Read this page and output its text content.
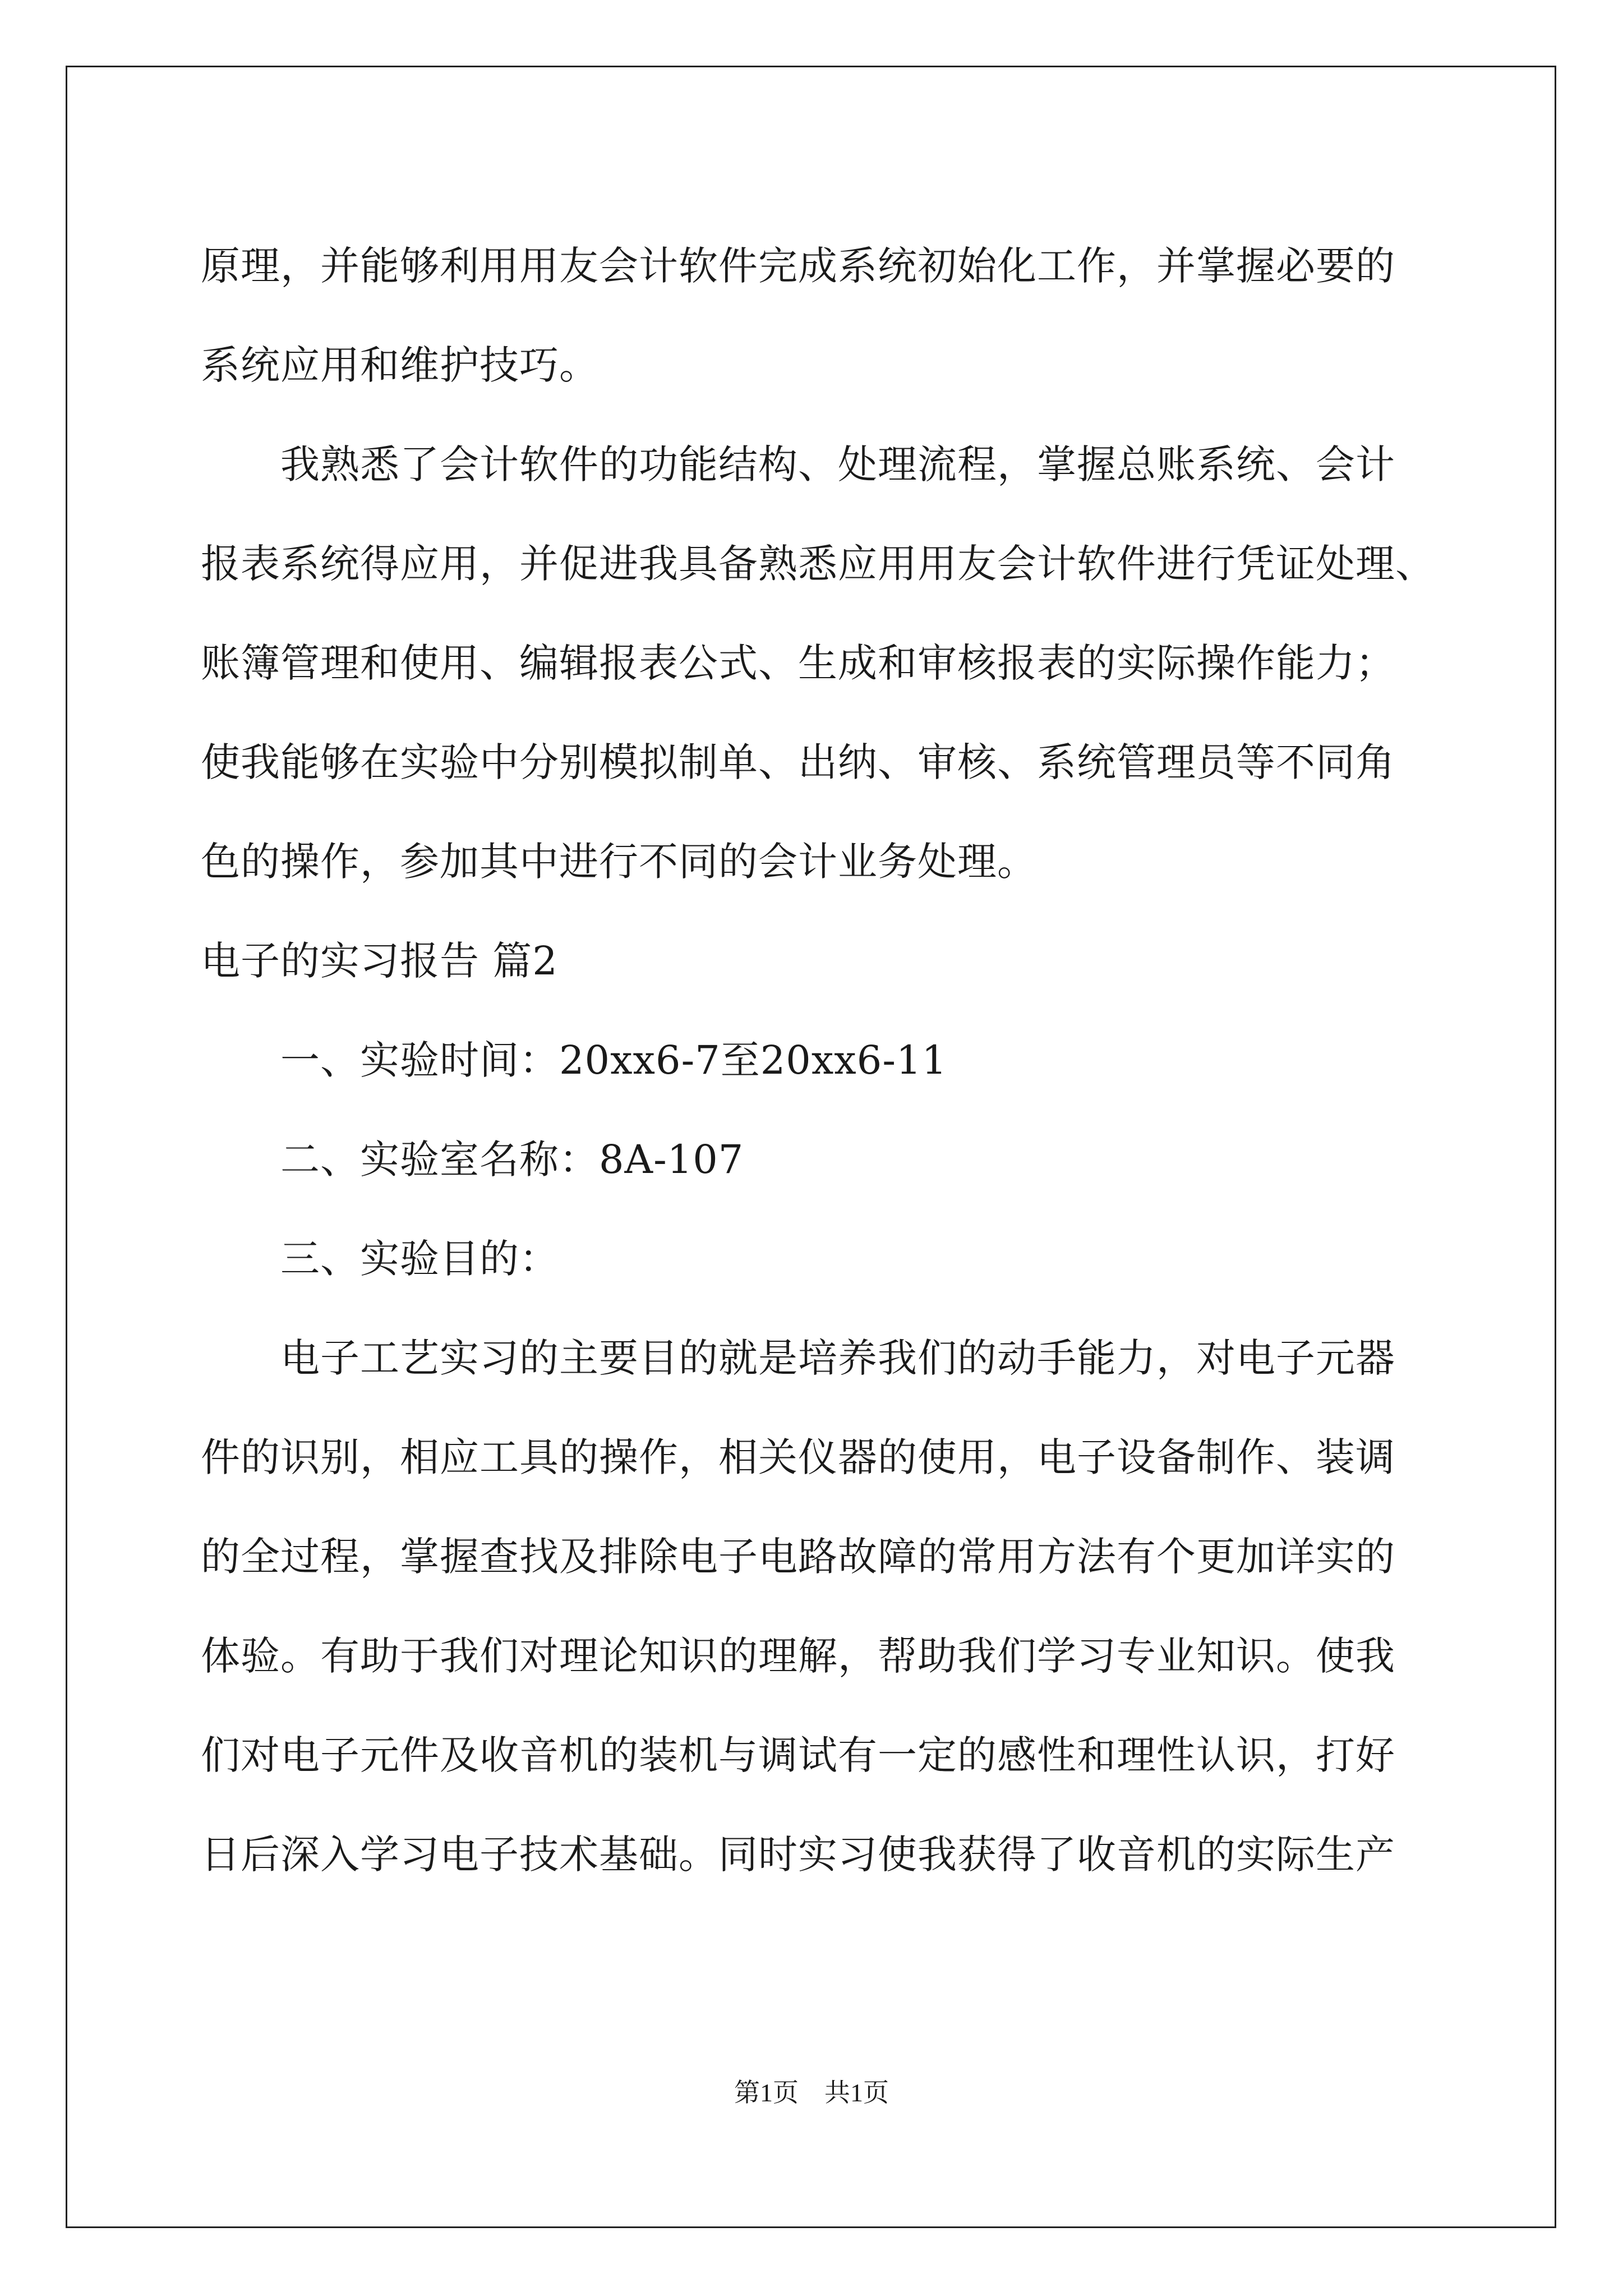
原理，并能够利用用友会计软件完成系统初始化工作，并掌握必要的
系统应用和维护技巧。
我熟悉了会计软件的功能结构、处理流程，掌握总账系统、会计
报表系统得应用，并促进我具备熟悉应用用友会计软件进行凭证处理、
账簿管理和使用、编辑报表公式、生成和审核报表的实际操作能力；
使我能够在实验中分别模拟制单、出纳、审核、系统管理员等不同角
色的操作，参加其中进行不同的会计业务处理。
电子的实习报告 篇2
一、实验时间：20xx6-7至20xx6-11
二、实验室名称：8A-107
三、实验目的：
电子工艺实习的主要目的就是培养我们的动手能力，对电子元器
件的识别，相应工具的操作，相关仪器的使用，电子设备制作、装调
的全过程，掌握查找及排除电子电路故障的常用方法有个更加详实的
体验。有助于我们对理论知识的理解，帮助我们学习专业知识。使我
们对电子元件及收音机的装机与调试有一定的感性和理性认识，打好
日后深入学习电子技术基础。同时实习使我获得了收音机的实际生产
第1页 共1页
